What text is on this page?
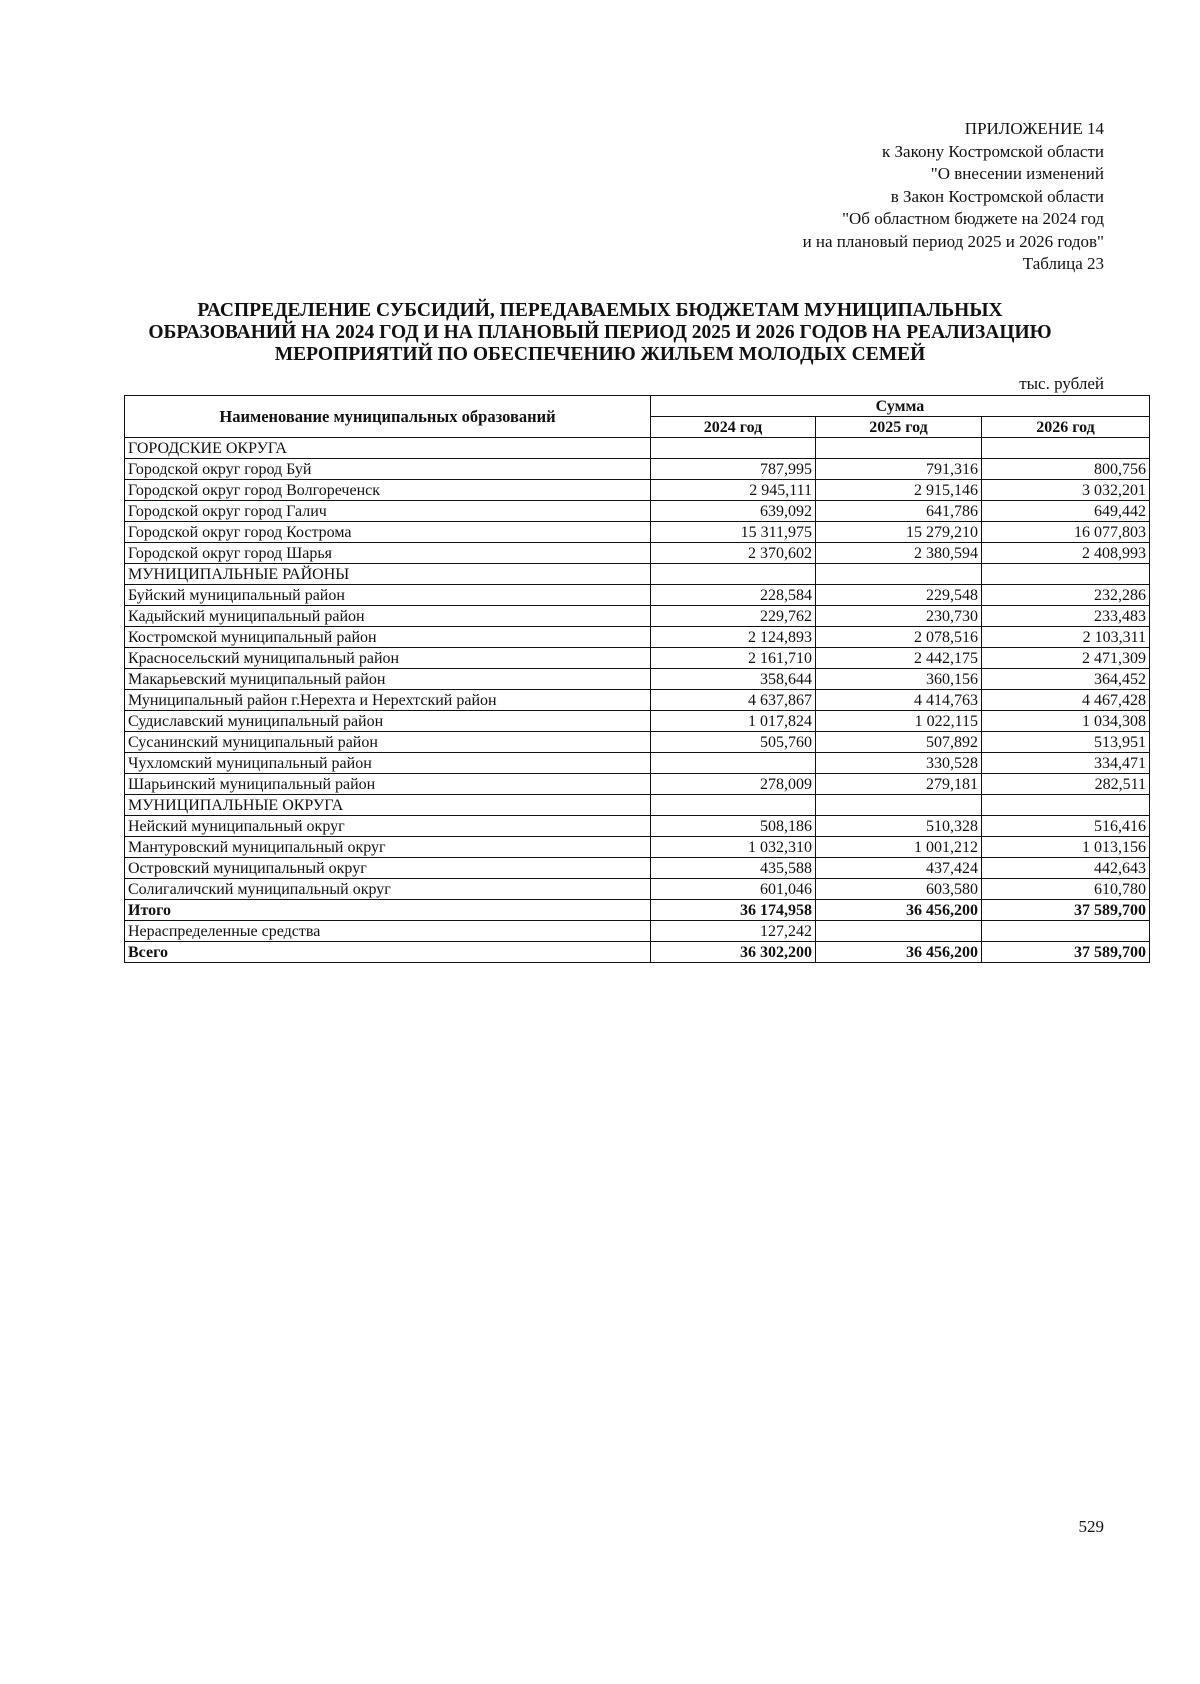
ПРИЛОЖЕНИЕ 14
к Закону Костромской области
"О внесении изменений
в Закон Костромской области
"Об областном бюджете на 2024 год
и на плановый период 2025 и 2026 годов"
Таблица 23
РАСПРЕДЕЛЕНИЕ СУБСИДИЙ, ПЕРЕДАВАЕМЫХ БЮДЖЕТАМ МУНИЦИПАЛЬНЫХ
ОБРАЗОВАНИЙ НА 2024 ГОД И НА ПЛАНОВЫЙ ПЕРИОД 2025 И 2026 ГОДОВ НА РЕАЛИЗАЦИЮ
МЕРОПРИЯТИЙ ПО ОБЕСПЕЧЕНИЮ ЖИЛЬЕМ МОЛОДЫХ СЕМЕЙ
тыс. рублей
Наименование муниципальных образований	Сумма		
	2024 год	2025 год	2026 год
ГОРОДСКИЕ ОКРУГА			
Городской округ город Буй	787,995	791,316	800,756
Городской округ город Волгореченск	2 945,111	2 915,146	3 032,201
Городской округ город Галич	639,092	641,786	649,442
Городской округ город Кострома	15 311,975	15 279,210	16 077,803
Городской округ город Шарья	2 370,602	2 380,594	2 408,993
МУНИЦИПАЛЬНЫЕ РАЙОНЫ			
Буйский муниципальный район	228,584	229,548	232,286
Кадыйский муниципальный район	229,762	230,730	233,483
Костромской муниципальный район	2 124,893	2 078,516	2 103,311
Красносельский муниципальный район	2 161,710	2 442,175	2 471,309
Макарьевский муниципальный район	358,644	360,156	364,452
Муниципальный район г.Нерехта и Нерехтский район	4 637,867	4 414,763	4 467,428
Судиславский муниципальный район	1 017,824	1 022,115	1 034,308
Сусанинский муниципальный район	505,760	507,892	513,951
Чухломский муниципальный район		330,528	334,471
Шарьинский муниципальный район	278,009	279,181	282,511
МУНИЦИПАЛЬНЫЕ ОКРУГА			
Нейский муниципальный округ	508,186	510,328	516,416
Мантуровский муниципальный округ	1 032,310	1 001,212	1 013,156
Островский муниципальный округ	435,588	437,424	442,643
Солигаличский муниципальный округ	601,046	603,580	610,780
Итого	36 174,958	36 456,200	37 589,700
Нераспределенные средства	127,242		
Всего	36 302,200	36 456,200	37 589,700
529
